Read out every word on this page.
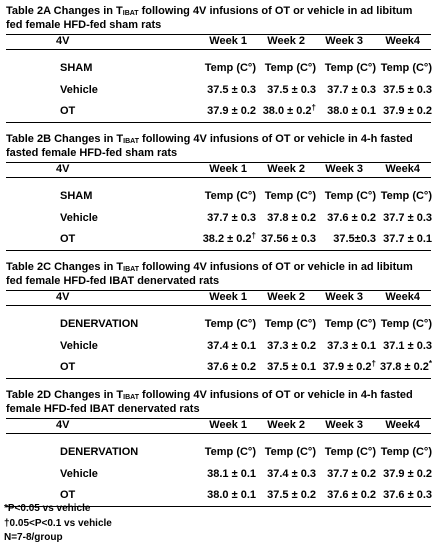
Table 2A Changes in $T_{IBAT}$ following 4V infusions of OT or vehicle in ad libitum fed female HFD-fed sham rats
4V	Week 1	Week 2	Week 3	Week4
SHAM	Temp (C°) Temp (C°) Temp (C°) Temp (C°)
Vehicle	37.5 ± 0.3	37.5 ± 0.3	37.7 ± 0.3 37.5 ± 0.3
OT	37.9 ± 0.2 38.0 ± 0.2†	38.0 ± 0.1 37.9 ± 0.2
Table 2B Changes in $T_{IBAT}$ following 4V infusions of OT or vehicle in 4-h fasted fasted female HFD-fed sham rats
4V	Week 1	Week 2	Week 3	Week4
SHAM	Temp (C°) Temp (C°) Temp (C°) Temp (C°)
Vehicle	37.7 ± 0.3	37.8 ± 0.2	37.6 ± 0.2 37.7 ± 0.3
OT	38.2 ± 0.2† 37.56 ± 0.3	37.5±0.3 37.7 ± 0.1
Table 2C Changes in $T_{IBAT}$ following 4V infusions of OT or vehicle in ad libitum fed female HFD-fed IBAT denervated rats
4V	Week 1	Week 2	Week 3	Week4
DENERVATION	Temp (C°) Temp (C°) Temp (C°) Temp (C°)
Vehicle	37.4 ± 0.1	37.3 ± 0.2	37.3 ± 0.1 37.1 ± 0.3
OT	37.6 ± 0.2	37.5 ± 0.1 37.9 ± 0.2† 37.8 ± 0.2*
Table 2D Changes in $T_{IBAT}$ following 4V infusions of OT or vehicle in 4-h fasted female HFD-fed IBAT denervated rats
4V	Week 1	Week 2	Week 3	Week4
DENERVATION	Temp (C°) Temp (C°) Temp (C°) Temp (C°)
Vehicle	38.1 ± 0.1	37.4 ± 0.3	37.7 ± 0.2 37.9 ± 0.2
OT	38.0 ± 0.1	37.5 ± 0.2	37.6 ± 0.2 37.6 ± 0.3
*P<0.05 vs vehicle
†0.05<P<0.1 vs vehicle
N=7-8/group
